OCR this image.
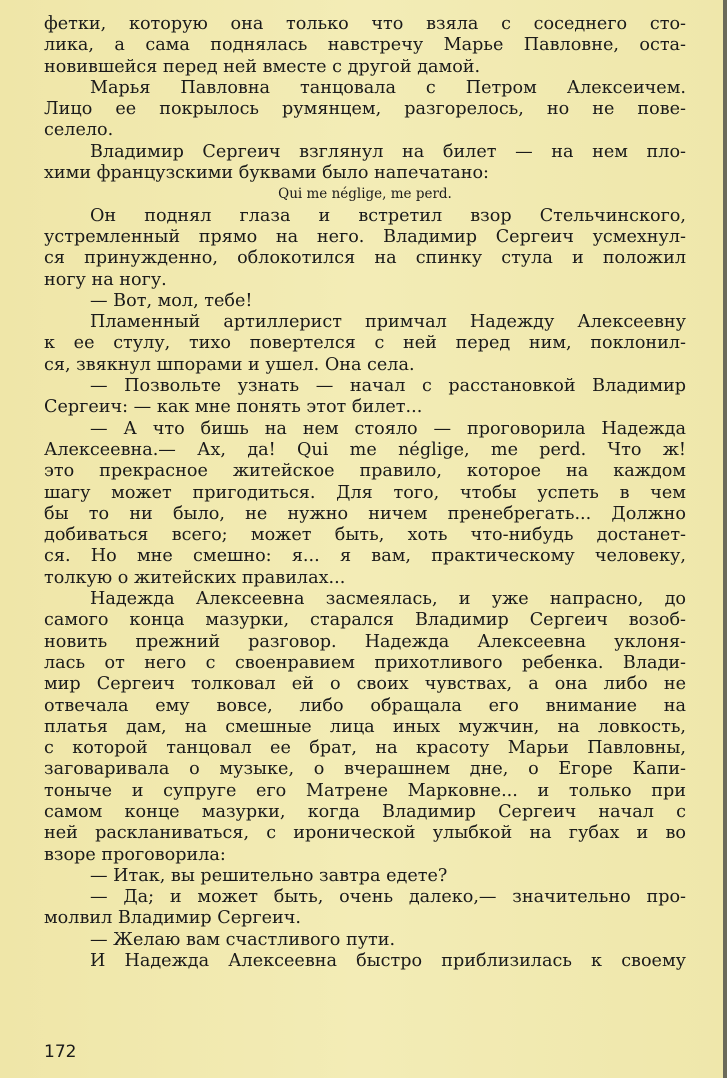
фетки, которую она только что взяла с соседнего сто-
лика, а сама поднялась навстречу Марье Павловне, оста-
новившейся перед ней вместе с другой дамой.
Марья Павловна танцовала с Петром Алексеичем.
Лицо ее покрылось румянцем, разгорелось, но не пове-
селело.
Владимир Сергеич взглянул на билет — на нем пло-
хими французскими буквами было напечатано:
Qui me néglige, me perd.
Он поднял глаза и встретил взор Стельчинского,
устремленный прямо на него. Владимир Сергеич усмехнул-
ся принужденно, облокотился на спинку стула и положил
ногу на ногу.
— Вот, мол, тебе!
Пламенный артиллерист примчал Надежду Алексеевну
к ее стулу, тихо повертелся с ней перед ним, поклонил-
ся, звякнул шпорами и ушел. Она села.
— Позвольте узнать — начал с расстановкой Владимир
Сергеич: — как мне понять этот билет...
— А что бишь на нем стояло — проговорила Надежда
Алексеевна.— Ах, да! Qui me néglige, me perd. Что ж!
это прекрасное житейское правило, которое на каждом
шагу может пригодиться. Для того, чтобы успеть в чем
бы то ни было, не нужно ничем пренебрегать... Должно
добиваться всего; может быть, хоть что-нибудь достанет-
ся. Но мне смешно: я... я вам, практическому человеку,
толкую о житейских правилах...
Надежда Алексеевна засмеялась, и уже напрасно, до
самого конца мазурки, старался Владимир Сергеич возоб-
новить прежний разговор. Надежда Алексеевна уклоня-
лась от него с своенравием прихотливого ребенка. Влади-
мир Сергеич толковал ей о своих чувствах, а она либо не
отвечала ему вовсе, либо обращала его внимание на
платья дам, на смешные лица иных мужчин, на ловкость,
с которой танцовал ее брат, на красоту Марьи Павловны,
заговаривала о музыке, о вчерашнем дне, о Егоре Капи-
тоныче и супруге его Матрене Марковне... и только при
самом конце мазурки, когда Владимир Сергеич начал с
ней раскланиваться, с иронической улыбкой на губах и во
взоре проговорила:
— Итак, вы решительно завтра едете?
— Да; и может быть, очень далеко,— значительно про-
молвил Владимир Сергеич.
— Желаю вам счастливого пути.
И Надежда Алексеевна быстро приблизилась к своему
172
